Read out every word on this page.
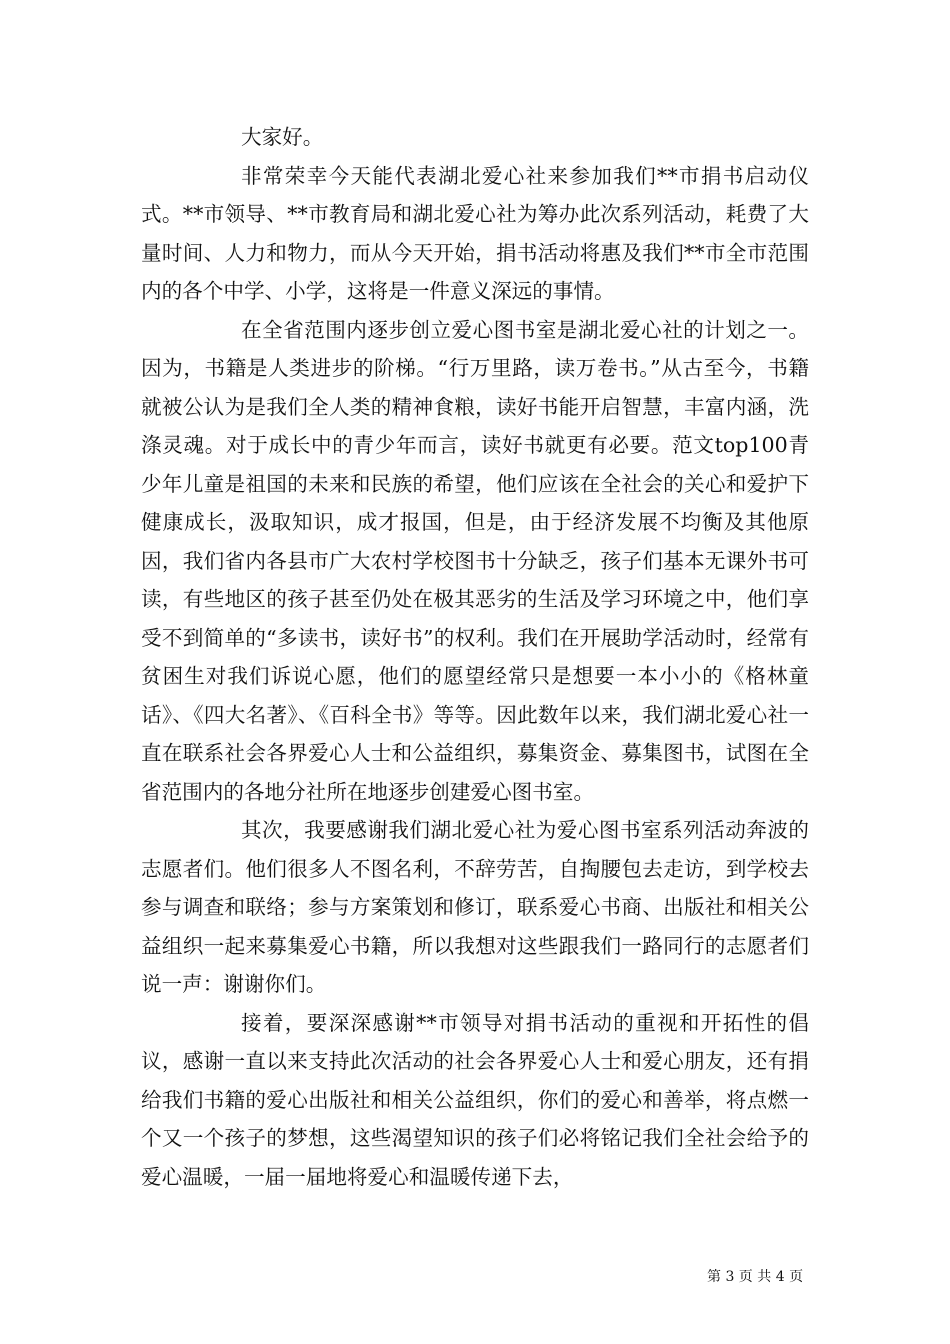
大家好。

非常荣幸今天能代表湖北爱心社来参加我们**市捐书启动仪式。**市领导、**市教育局和湖北爱心社为筹办此次系列活动，耗费了大量时间、人力和物力，而从今天开始，捐书活动将惠及我们**市全市范围内的各个中学、小学，这将是一件意义深远的事情。

在全省范围内逐步创立爱心图书室是湖北爱心社的计划之一。因为，书籍是人类进步的阶梯。“行万里路，读万卷书。”从古至今，书籍就被公认为是我们全人类的精神食粮，读好书能开启智慧，丰富内涵，洗涤灵魂。对于成长中的青少年而言，读好书就更有必要。范文top100青少年儿童是祖国的未来和民族的希望，他们应该在全社会的关心和爱护下健康成长，汲取知识，成才报国，但是，由于经济发展不均衡及其他原因，我们省内各县市广大农村学校图书十分缺乏，孩子们基本无课外书可读，有些地区的孩子甚至仍处在极其恶劣的生活及学习环境之中，他们享受不到简单的“多读书，读好书”的权利。我们在开展助学活动时，经常有贫困生对我们诉说心愿，他们的愿望经常只是想要一本小小的《格林童话》、《四大名著》、《百科全书》等等。因此数年以来，我们湖北爱心社一直在联系社会各界爱心人士和公益组织，募集资金、募集图书，试图在全省范围内的各地分社所在地逐步创建爱心图书室。

其次，我要感谢我们湖北爱心社为爱心图书室系列活动奔波的志愿者们。他们很多人不图名利，不辞劳苦，自掏腰包去走访，到学校去参与调查和联络；参与方案策划和修订，联系爱心书商、出版社和相关公益组织一起来募集爱心书籍，所以我想对这些跟我们一路同行的志愿者们说一声：谢谢你们。

接着，要深深感谢**市领导对捐书活动的重视和开拓性的倡议，感谢一直以来支持此次活动的社会各界爱心人士和爱心朋友，还有捐给我们书籍的爱心出版社和相关公益组织，你们的爱心和善举，将点燃一个又一个孩子的梦想，这些渴望知识的孩子们必将铭记我们全社会给予的爱心温暖，一届一届地将爱心和温暖传递下去，

第 3 页 共 4 页
